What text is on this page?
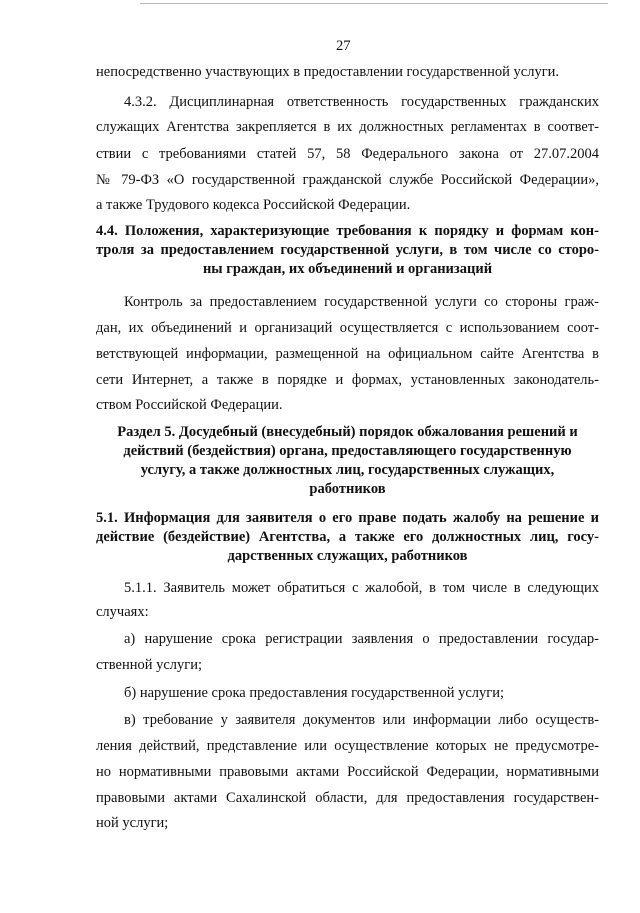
27
непосредственно участвующих в предоставлении государственной услуги.
4.3.2. Дисциплинарная ответственность государственных гражданских
служащих Агентства закрепляется в их должностных регламентах в соответ-
ствии с требованиями статей 57, 58 Федерального закона от 27.07.2004
№ 79-ФЗ «О государственной гражданской службе Российской Федерации»,
а также Трудового кодекса Российской Федерации.
4.4. Положения, характеризующие требования к порядку и формам кон-
троля за предоставлением государственной услуги, в том числе со сторо-
ны граждан, их объединений и организаций
Контроль за предоставлением государственной услуги со стороны граж-
дан, их объединений и организаций осуществляется с использованием соот-
ветствующей информации, размещенной на официальном сайте Агентства в
сети Интернет, а также в порядке и формах, установленных законодатель-
ством Российской Федерации.
Раздел 5. Досудебный (внесудебный) порядок обжалования решений и
действий (бездействия) органа, предоставляющего государственную
услугу, а также должностных лиц, государственных служащих,
работников
5.1. Информация для заявителя о его праве подать жалобу на решение и
действие (бездействие) Агентства, а также его должностных лиц, госу-
дарственных служащих, работников
5.1.1. Заявитель может обратиться с жалобой, в том числе в следующих
случаях:
а) нарушение срока регистрации заявления о предоставлении государ-
ственной услуги;
б) нарушение срока предоставления государственной услуги;
в) требование у заявителя документов или информации либо осуществ-
ления действий, представление или осуществление которых не предусмотре-
но нормативными правовыми актами Российской Федерации, нормативными
правовыми актами Сахалинской области, для предоставления государствен-
ной услуги;
